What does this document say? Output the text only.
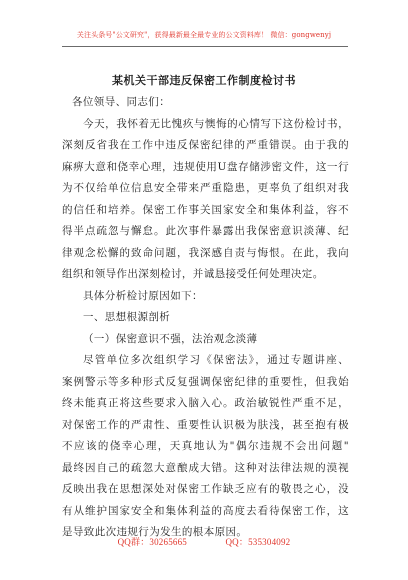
关注头条号"公文研究"，获得最新最全最专业的公文资料库！ 微信：gongwenyj
某机关干部违反保密工作制度检讨书

各位领导、同志们：

今天，我怀着无比愧疚与懊悔的心情写下这份检讨书，

深刻反省我在工作中违反保密纪律的严重错误。由于我的

麻痹大意和侥幸心理，违规使用U盘存储涉密文件，这一行

为不仅给单位信息安全带来严重隐患，更辜负了组织对我

的信任和培养。保密工作事关国家安全和集体利益，容不

得半点疏忽与懈怠。此次事件暴露出我保密意识淡薄、纪

律观念松懈的致命问题，我深感自责与悔恨。在此，我向

组织和领导作出深刻检讨，并诚恳接受任何处理决定。

具体分析检讨原因如下：

一、思想根源剖析

（一）保密意识不强，法治观念淡薄

尽管单位多次组织学习《保密法》，通过专题讲座、

案例警示等多种形式反复强调保密纪律的重要性，但我始

终未能真正将这些要求入脑入心。政治敏锐性严重不足，

对保密工作的严肃性、重要性认识极为肤浅，甚至抱有极

不应该的侥幸心理，天真地认为"偶尔违规不会出问题"

最终因自己的疏忽大意酿成大错。这种对法律法规的漠视

反映出我在思想深处对保密工作缺乏应有的敬畏之心，没

有从维护国家安全和集体利益的高度去看待保密工作，这

是导致此次违规行为发生的根本原因。

QQ群：30265665	QQ：535304092
